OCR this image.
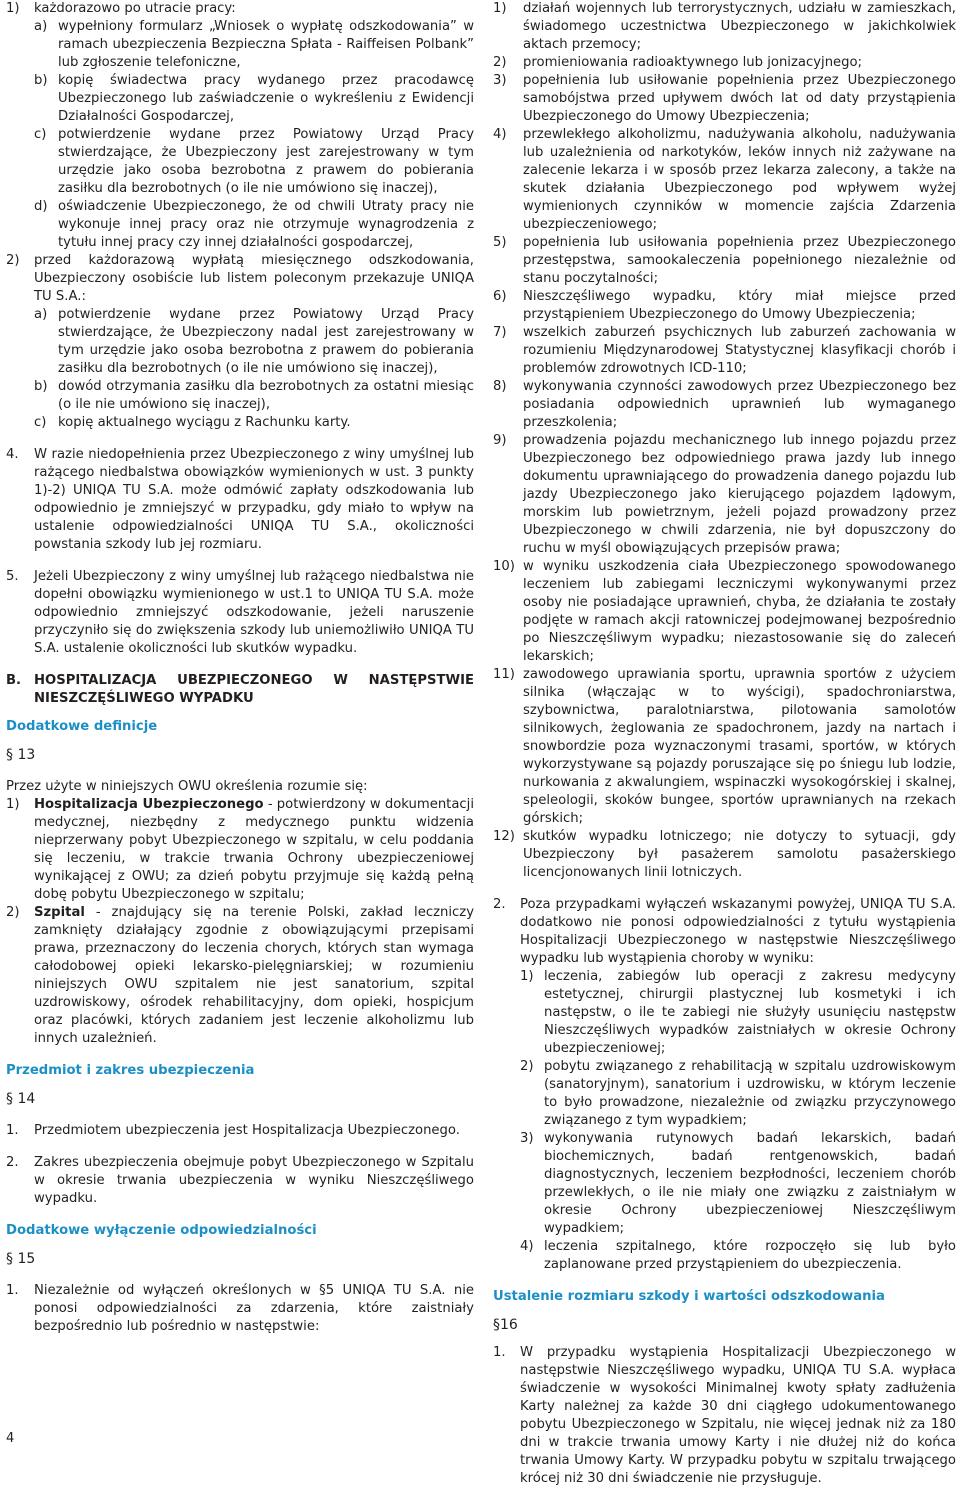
1)	każdorazowo po utracie pracy:
a) wypełniony formularz „Wniosek o wypłatę odszkodowania” w ramach ubezpieczenia Bezpieczna Spłata - Raiffeisen Polbank” lub zgłoszenie telefoniczne,
b) kopię świadectwa pracy wydanego przez pracodawcę Ubezpieczonego lub zaświadczenie o wykreśleniu z Ewidencji Działalności Gospodarczej,
c) potwierdzenie wydane przez Powiatowy Urząd Pracy stwierdzające, że Ubezpieczony jest zarejestrowany w tym urzędzie jako osoba bezrobotna z prawem do pobierania zasiłku dla bezrobotnych (o ile nie umówiono się inaczej),
d) oświadczenie Ubezpieczonego, że od chwili Utraty pracy nie wykonuje innej pracy oraz nie otrzymuje wynagrodzenia z tytułu innej pracy czy innej działalności gospodarczej,
2)	przed każdorazową wypłatą miesięcznego odszkodowania, Ubezpieczony osobiście lub listem poleconym przekazuje UNIQA TU S.A.:
a) potwierdzenie wydane przez Powiatowy Urząd Pracy stwierdzające, że Ubezpieczony nadal jest zarejestrowany w tym urzędzie jako osoba bezrobotna z prawem do pobierania zasiłku dla bezrobotnych (o ile nie umówiono się inaczej),
b) dowód otrzymania zasiłku dla bezrobotnych za ostatni miesiąc (o ile nie umówiono się inaczej),
c) kopię aktualnego wyciągu z Rachunku karty.
4.	W razie niedopełnienia przez Ubezpieczonego z winy umyślnej lub rażącego niedbalstwa obowiązków wymienionych w ust. 3 punkty 1)-2) UNIQA TU S.A. może odmówić zapłaty odszkodowania lub odpowiednio je zmniejszyć w przypadku, gdy miało to wpływ na ustalenie odpowiedzialności UNIQA TU S.A., okoliczności powstania szkody lub jej rozmiaru.
5.	Jeżeli Ubezpieczony z winy umyślnej lub rażącego niedbalstwa nie dopełni obowiązku wymienionego w ust.1 to UNIQA TU S.A. może odpowiednio zmniejszyć odszkodowanie, jeżeli naruszenie przyczyniło się do zwiększenia szkody lub uniemożliwiło UNIQA TU S.A. ustalenie okoliczności lub skutków wypadku.
B. HOSPITALIZACJA UBEZPIECZONEGO W NASTĘPSTWIE NIESZCZĘŚLIWEGO WYPADKU

Dodatkowe definicje

§ 13

Przez użyte w niniejszych OWU określenia rozumie się:

1)	Hospitalizacja Ubezpieczonego - potwierdzony w dokumentacji medycznej, niezbędny z medycznego punktu widzenia nieprzerwany pobyt Ubezpieczonego w szpitalu, w celu poddania się leczeniu, w trakcie trwania Ochrony ubezpieczeniowej wynikającej z OWU; za dzień pobytu przyjmuje się każdą pełną dobę pobytu Ubezpieczonego w szpitalu;
2)	Szpital - znajdujący się na terenie Polski, zakład leczniczy zamknięty działający zgodnie z obowiązującymi przepisami prawa, przeznaczony do leczenia chorych, których stan wymaga całodobowej opieki lekarsko-pielęgniarskiej; w rozumieniu niniejszych OWU szpitalem nie jest sanatorium, szpital uzdrowiskowy, ośrodek rehabilitacyjny, dom opieki, hospicjum oraz placówki, których zadaniem jest leczenie alkoholizmu lub innych uzależnień.

Przedmiot i zakres ubezpieczenia

§ 14

1.	Przedmiotem ubezpieczenia jest Hospitalizacja Ubezpieczonego.
2.	Zakres ubezpieczenia obejmuje pobyt Ubezpieczonego w Szpitalu w okresie trwania ubezpieczenia w wyniku Nieszczęśliwego wypadku.

Dodatkowe wyłączenie odpowiedzialności

§ 15

1.	Niezależnie od wyłączeń określonych w §5 UNIQA TU S.A. nie ponosi odpowiedzialności za zdarzenia, które zaistniały bezpośrednio lub pośrednio w następstwie:
4
1)	działań wojennych lub terrorystycznych, udziału w zamieszkach, świadomego uczestnictwa Ubezpieczonego w jakichkolwiek aktach przemocy;
2)	promieniowania radioaktywnego lub jonizacyjnego;
3)	popełnienia lub usiłowanie popełnienia przez Ubezpieczonego samobójstwa przed upływem dwóch lat od daty przystąpienia Ubezpieczonego do Umowy Ubezpieczenia;
4)	przewlekłego alkoholizmu, nadużywania alkoholu, nadużywania lub uzależnienia od narkotyków, leków innych niż zażywane na zalecenie lekarza i w sposób przez lekarza zalecony, a także na skutek działania Ubezpieczonego pod wpływem wyżej wymienionych czynników w momencie zajścia Zdarzenia ubezpieczeniowego;
5)	popełnienia lub usiłowania popełnienia przez Ubezpieczonego przestępstwa, samookaleczenia popełnionego niezależnie od stanu poczytalności;
6)	Nieszczęśliwego wypadku, który miał miejsce przed przystąpieniem Ubezpieczonego do Umowy Ubezpieczenia;
7)	wszelkich zaburzeń psychicznych lub zaburzeń zachowania w rozumieniu Międzynarodowej Statystycznej klasyfikacji chorób i problemów zdrowotnych ICD-110;
8)	wykonywania czynności zawodowych przez Ubezpieczonego bez posiadania odpowiednich uprawnień lub wymaganego przeszkolenia;
9)	prowadzenia pojazdu mechanicznego lub innego pojazdu przez Ubezpieczonego bez odpowiedniego prawa jazdy lub innego dokumentu uprawniającego do prowadzenia danego pojazdu lub jazdy Ubezpieczonego jako kierującego pojazdem lądowym, morskim lub powietrznym, jeżeli pojazd prowadzony przez Ubezpieczonego w chwili zdarzenia, nie był dopuszczony do ruchu w myśl obowiązujących przepisów prawa;
10) w wyniku uszkodzenia ciała Ubezpieczonego spowodowanego leczeniem lub zabiegami leczniczymi wykonywanymi przez osoby nie posiadające uprawnień, chyba, że działania te zostały podjęte w ramach akcji ratowniczej podejmowanej bezpośrednio po Nieszczęśliwym wypadku; niezastosowanie się do zaleceń lekarskich;
11) zawodowego uprawiania sportu, uprawnia sportów z użyciem silnika (włączając w to wyścigi), spadochroniarstwa, szybownictwa, paralotniarstwa, pilotowania samolotów silnikowych, żeglowania ze spadochronem, jazdy na nartach i snowbordzie poza wyznaczonymi trasami, sportów, w których wykorzystywane są pojazdy poruszające się po śniegu lub lodzie, nurkowania z akwalungiem, wspinaczki wysokogórskiej i skalnej, speleologii, skoków bungee, sportów uprawnianych na rzekach górskich;
12) skutków wypadku lotniczego; nie dotyczy to sytuacji, gdy Ubezpieczony był pasażerem samolotu pasażerskiego licencjonowanych linii lotniczych.
2.	Poza przypadkami wyłączeń wskazanymi powyżej, UNIQA TU S.A. dodatkowo nie ponosi odpowiedzialności z tytułu wystąpienia Hospitalizacji Ubezpieczonego w następstwie Nieszczęśliwego wypadku lub wystąpienia choroby w wyniku:
1) leczenia, zabiegów lub operacji z zakresu medycyny estetycznej, chirurgii plastycznej lub kosmetyki i ich następstw, o ile te zabiegi nie służyły usunięciu następstw Nieszczęśliwych wypadków zaistniałych w okresie Ochrony ubezpieczeniowej;
2) pobytu związanego z rehabilitacją w szpitalu uzdrowiskowym (sanatoryjnym), sanatorium i uzdrowisku, w którym leczenie to było prowadzone, niezależnie od związku przyczynowego związanego z tym wypadkiem;
3) wykonywania rutynowych badań lekarskich, badań biochemicznych, badań rentgenowskich, badań diagnostycznych, leczeniem bezpłodności, leczeniem chorób przewlekłych, o ile nie miały one związku z zaistniałym w okresie Ochrony ubezpieczeniowej Nieszczęśliwym wypadkiem;
4) leczenia szpitalnego, które rozpoczęło się lub było zaplanowane przed przystąpieniem do ubezpieczenia.

Ustalenie rozmiaru szkody i wartości odszkodowania

§16

1.	W przypadku wystąpienia Hospitalizacji Ubezpieczonego w następstwie Nieszczęśliwego wypadku, UNIQA TU S.A. wypłaca świadczenie w wysokości Minimalnej kwoty spłaty zadłużenia Karty należnej za każde 30 dni ciągłego udokumentowanego pobytu Ubezpieczonego w Szpitalu, nie więcej jednak niż za 180 dni w trakcie trwania umowy Karty i nie dłużej niż do końca trwania Umowy Karty. W przypadku pobytu w szpitalu trwającego krócej niż 30 dni świadczenie nie przysługuje.
